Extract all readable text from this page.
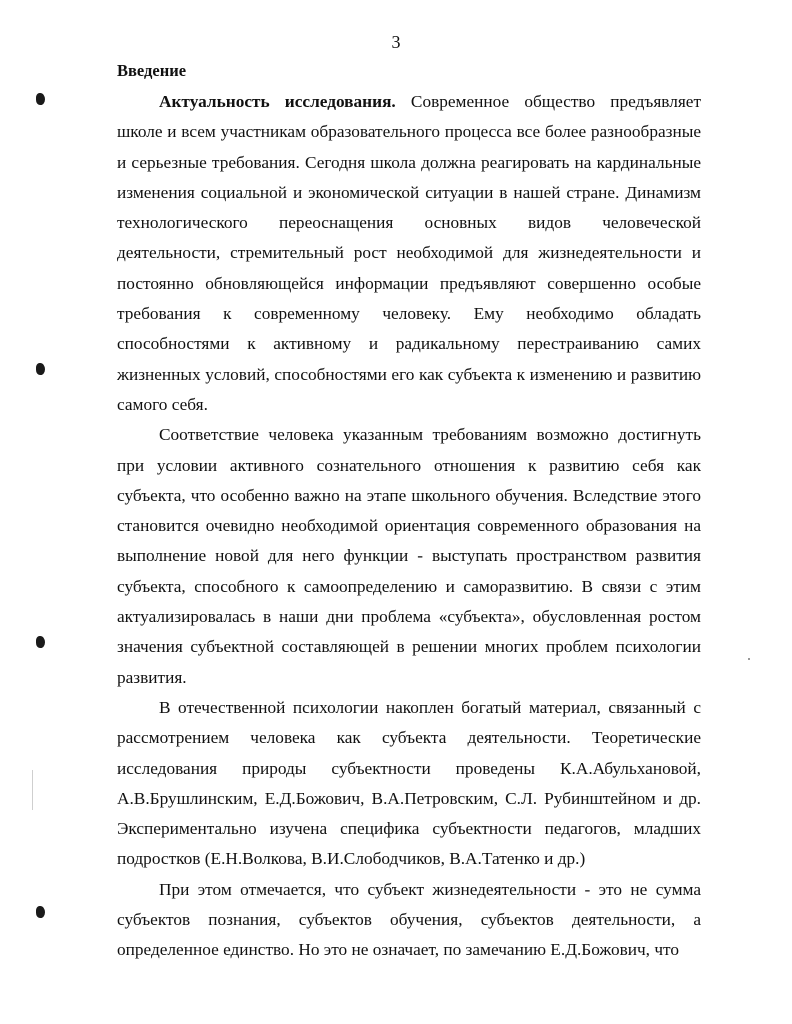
3
Введение

Актуальность исследования. Современное общество предъявляет школе и всем участникам образовательного процесса все более разнообразные и серьезные требования. Сегодня школа должна реагировать на кардинальные изменения социальной и экономической ситуации в нашей стране. Динамизм технологического переоснащения основных видов человеческой деятельности, стремительный рост необходимой для жизнедеятельности и постоянно обновляющейся информации предъявляют совершенно особые требования к современному человеку. Ему необходимо обладать способностями к активному и радикальному перестраиванию самих жизненных условий, способностями его как субъекта к изменению и развитию самого себя.

Соответствие человека указанным требованиям возможно достигнуть при условии активного сознательного отношения к развитию себя как субъекта, что особенно важно на этапе школьного обучения. Вследствие этого становится очевидно необходимой ориентация современного образования на выполнение новой для него функции - выступать пространством развития субъекта, способного к самоопределению и саморазвитию. В связи с этим актуализировалась в наши дни проблема «субъекта», обусловленная ростом значения субъектной составляющей в решении многих проблем психологии развития.

В отечественной психологии накоплен богатый материал, связанный с рассмотрением человека как субъекта деятельности. Теоретические исследования природы субъектности проведены К.А.Абульхановой, А.В.Брушлинским, Е.Д.Божович, В.А.Петровским, С.Л. Рубинштейном и др. Экспериментально изучена специфика субъектности педагогов, младших подростков (Е.Н.Волкова, В.И.Слободчиков, В.А.Татенко и др.)

При этом отмечается, что субъект жизнедеятельности - это не сумма субъектов познания, субъектов обучения, субъектов деятельности, а определенное единство. Но это не означает, по замечанию Е.Д.Божович, что
